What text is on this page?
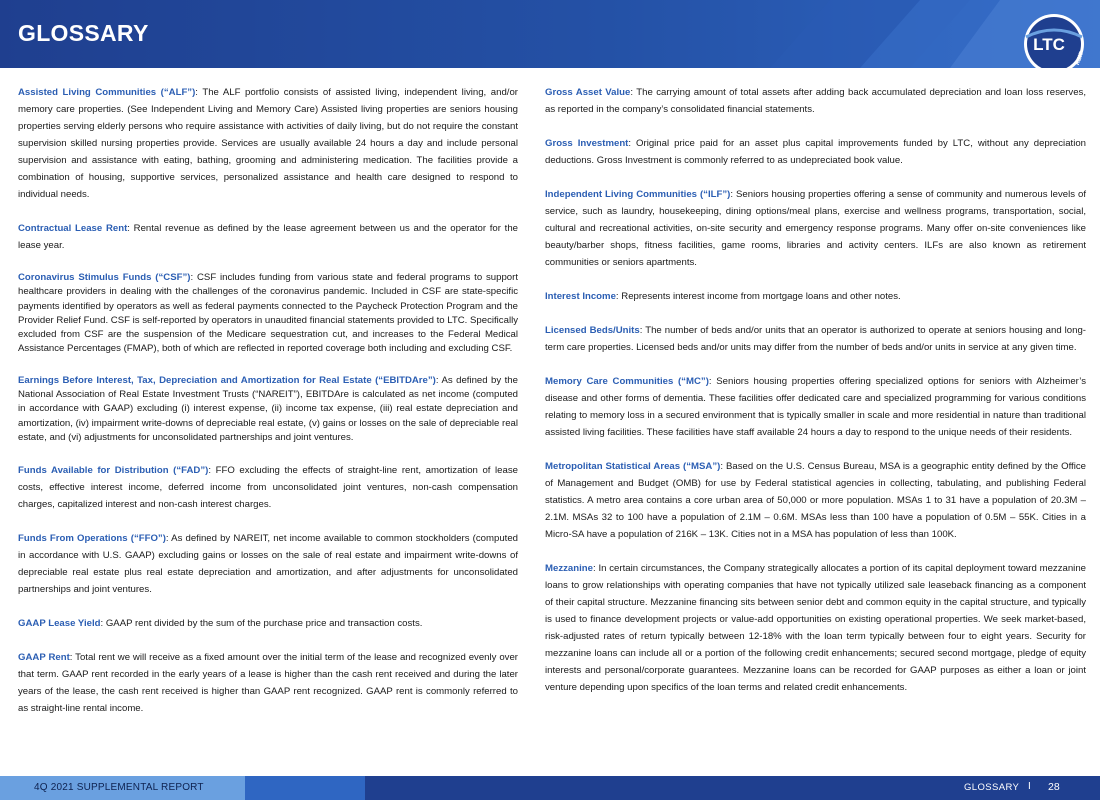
GLOSSARY	LTC
REIT

Assisted Living Communities (“ALF”): The ALF portfolio consists of assisted living, independent living, and/or memory care properties. (See Independent Living and Memory Care) Assisted living properties are seniors housing properties serving elderly persons who require assistance with activities of daily living, but do not require the constant supervision skilled nursing properties provide. Services are usually available 24 hours a day and include personal supervision and assistance with eating, bathing, grooming and administering medication. The facilities provide a combination of housing, supportive services, personalized assistance and health care designed to respond to individual needs.

Contractual Lease Rent: Rental revenue as defined by the lease agreement between us and the operator for the lease year.

Coronavirus Stimulus Funds (“CSF”): CSF includes funding from various state and federal programs to support healthcare providers in dealing with the challenges of the coronavirus pandemic. Included in CSF are state-specific payments identified by operators as well as federal payments connected to the Paycheck Protection Program and the Provider Relief Fund. CSF is self-reported by operators in unaudited financial statements provided to LTC. Specifically excluded from CSF are the suspension of the Medicare sequestration cut, and increases to the Federal Medical Assistance Percentages (FMAP), both of which are reflected in reported coverage both including and excluding CSF.

Earnings Before Interest, Tax, Depreciation and Amortization for Real Estate (“EBITDAre”): As defined by the National Association of Real Estate Investment Trusts (“NAREIT”), EBITDAre is calculated as net income (computed in accordance with GAAP) excluding (i) interest expense, (ii) income tax expense, (iii) real estate depreciation and amortization, (iv) impairment write-downs of depreciable real estate, (v) gains or losses on the sale of depreciable real estate, and (vi) adjustments for unconsolidated partnerships and joint ventures.

Funds Available for Distribution (“FAD”): FFO excluding the effects of straight-line rent, amortization of lease costs, effective interest income, deferred income from unconsolidated joint ventures, non-cash compensation charges, capitalized interest and non-cash interest charges.

Funds From Operations (“FFO”): As defined by NAREIT, net income available to common stockholders (computed in accordance with U.S. GAAP) excluding gains or losses on the sale of real estate and impairment write-downs of depreciable real estate plus real estate depreciation and amortization, and after adjustments for unconsolidated partnerships and joint ventures.

GAAP Lease Yield: GAAP rent divided by the sum of the purchase price and transaction costs.

GAAP Rent: Total rent we will receive as a fixed amount over the initial term of the lease and recognized evenly over that term. GAAP rent recorded in the early years of a lease is higher than the cash rent received and during the later years of the lease, the cash rent received is higher than GAAP rent recognized. GAAP rent is commonly referred to as straight-line rental income.

Gross Asset Value: The carrying amount of total assets after adding back accumulated depreciation and loan loss reserves, as reported in the company’s consolidated financial statements.

Gross Investment: Original price paid for an asset plus capital improvements funded by LTC, without any depreciation deductions. Gross Investment is commonly referred to as undepreciated book value.

Independent Living Communities (“ILF”): Seniors housing properties offering a sense of community and numerous levels of service, such as laundry, housekeeping, dining options/meal plans, exercise and wellness programs, transportation, social, cultural and recreational activities, on-site security and emergency response programs. Many offer on-site conveniences like beauty/barber shops, fitness facilities, game rooms, libraries and activity centers. ILFs are also known as retirement communities or seniors apartments.

Interest Income: Represents interest income from mortgage loans and other notes.

Licensed Beds/Units: The number of beds and/or units that an operator is authorized to operate at seniors housing and long-term care properties. Licensed beds and/or units may differ from the number of beds and/or units in service at any given time.

Memory Care Communities (“MC”): Seniors housing properties offering specialized options for seniors with Alzheimer’s disease and other forms of dementia. These facilities offer dedicated care and specialized programming for various conditions relating to memory loss in a secured environment that is typically smaller in scale and more residential in nature than traditional assisted living facilities. These facilities have staff available 24 hours a day to respond to the unique needs of their residents.

Metropolitan Statistical Areas (“MSA”): Based on the U.S. Census Bureau, MSA is a geographic entity defined by the Office of Management and Budget (OMB) for use by Federal statistical agencies in collecting, tabulating, and publishing Federal statistics. A metro area contains a core urban area of 50,000 or more population. MSAs 1 to 31 have a population of 20.3M – 2.1M. MSAs 32 to 100 have a population of 2.1M – 0.6M. MSAs less than 100 have a population of 0.5M – 55K. Cities in a Micro-SA have a population of 216K – 13K. Cities not in a MSA has population of less than 100K.

Mezzanine: In certain circumstances, the Company strategically allocates a portion of its capital deployment toward mezzanine loans to grow relationships with operating companies that have not typically utilized sale leaseback financing as a component of their capital structure. Mezzanine financing sits between senior debt and common equity in the capital structure, and typically is used to finance development projects or value-add opportunities on existing operational properties. We seek market-based, risk-adjusted rates of return typically between 12-18% with the loan term typically between four to eight years. Security for mezzanine loans can include all or a portion of the following credit enhancements; secured second mortgage, pledge of equity interests and personal/corporate guarantees. Mezzanine loans can be recorded for GAAP purposes as either a loan or joint venture depending upon specifics of the loan terms and related credit enhancements.

4Q 2021 SUPPLEMENTAL REPORT	GLOSSARY I 28
